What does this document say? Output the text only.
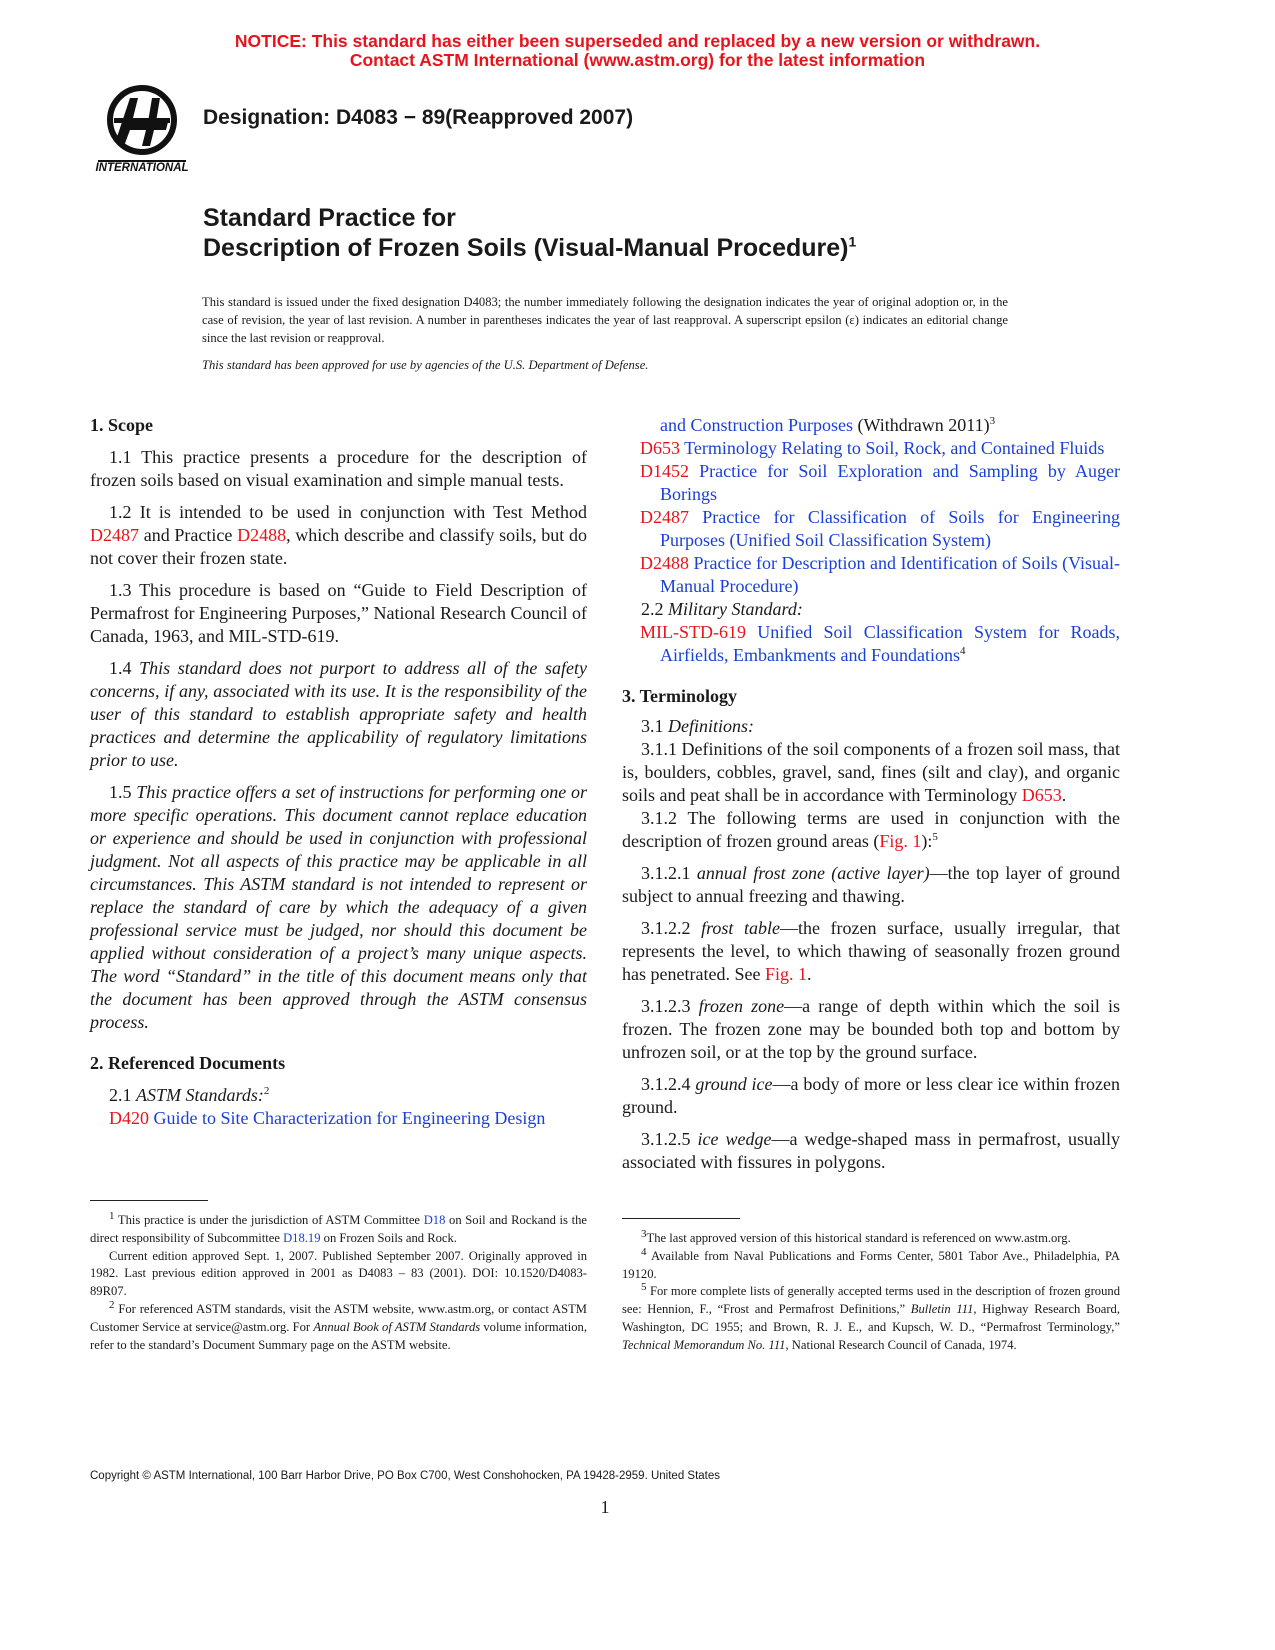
NOTICE: This standard has either been superseded and replaced by a new version or withdrawn.
Contact ASTM International (www.astm.org) for the latest information
INTERNATIONAL
Designation: D4083 − 89(Reapproved 2007)
Standard Practice for
Description of Frozen Soils (Visual-Manual Procedure)$^1$
This standard is issued under the fixed designation D4083; the number immediately following the designation indicates the year of original adoption or, in the case of revision, the year of last revision. A number in parentheses indicates the year of last reapproval. A superscript epsilon (ε) indicates an editorial change since the last revision or reapproval.
This standard has been approved for use by agencies of the U.S. Department of Defense.

1. Scope

1.1 This practice presents a procedure for the description of frozen soils based on visual examination and simple manual tests.

1.2 It is intended to be used in conjunction with Test Method D2487 and Practice D2488, which describe and classify soils, but do not cover their frozen state.

1.3 This procedure is based on “Guide to Field Description of Permafrost for Engineering Purposes,” National Research Council of Canada, 1963, and MIL-STD-619.

1.4 This standard does not purport to address all of the safety concerns, if any, associated with its use. It is the responsibility of the user of this standard to establish appropriate safety and health practices and determine the applicability of regulatory limitations prior to use.

1.5 This practice offers a set of instructions for performing one or more specific operations. This document cannot replace education or experience and should be used in conjunction with professional judgment. Not all aspects of this practice may be applicable in all circumstances. This ASTM standard is not intended to represent or replace the standard of care by which the adequacy of a given professional service must be judged, nor should this document be applied without consideration of a project’s many unique aspects. The word “Standard” in the title of this document means only that the document has been approved through the ASTM consensus process.

2. Referenced Documents

2.1 ASTM Standards:$^2$

D420 Guide to Site Characterization for Engineering Design

and Construction Purposes (Withdrawn 2011)$^3$

D653 Terminology Relating to Soil, Rock, and Contained Fluids

D1452 Practice for Soil Exploration and Sampling by Auger Borings

D2487 Practice for Classification of Soils for Engineering Purposes (Unified Soil Classification System)

D2488 Practice for Description and Identification of Soils (Visual-Manual Procedure)

2.2 Military Standard:

MIL-STD-619 Unified Soil Classification System for Roads, Airfields, Embankments and Foundations$^4$

3. Terminology

3.1 Definitions:

3.1.1 Definitions of the soil components of a frozen soil mass, that is, boulders, cobbles, gravel, sand, fines (silt and clay), and organic soils and peat shall be in accordance with Terminology D653.

3.1.2 The following terms are used in conjunction with the description of frozen ground areas (Fig. 1):$^5$

3.1.2.1 annual frost zone (active layer)—the top layer of ground subject to annual freezing and thawing.

3.1.2.2 frost table—the frozen surface, usually irregular, that represents the level, to which thawing of seasonally frozen ground has penetrated. See Fig. 1.

3.1.2.3 frozen zone—a range of depth within which the soil is frozen. The frozen zone may be bounded both top and bottom by unfrozen soil, or at the top by the ground surface.

3.1.2.4 ground ice—a body of more or less clear ice within frozen ground.

3.1.2.5 ice wedge—a wedge-shaped mass in permafrost, usually associated with fissures in polygons.

$^1$ This practice is under the jurisdiction of ASTM Committee D18 on Soil and Rockand is the direct responsibility of Subcommittee D18.19 on Frozen Soils and Rock.

Current edition approved Sept. 1, 2007. Published September 2007. Originally approved in 1982. Last previous edition approved in 2001 as D4083 – 83 (2001). DOI: 10.1520/D4083-89R07.

$^2$ For referenced ASTM standards, visit the ASTM website, www.astm.org, or contact ASTM Customer Service at service@astm.org. For Annual Book of ASTM Standards volume information, refer to the standard’s Document Summary page on the ASTM website.

$^3$The last approved version of this historical standard is referenced on www.astm.org.

$^4$ Available from Naval Publications and Forms Center, 5801 Tabor Ave., Philadelphia, PA 19120.

$^5$ For more complete lists of generally accepted terms used in the description of frozen ground see: Hennion, F., “Frost and Permafrost Definitions,” Bulletin 111, Highway Research Board, Washington, DC 1955; and Brown, R. J. E., and Kupsch, W. D., “Permafrost Terminology,” Technical Memorandum No. 111, National Research Council of Canada, 1974.

Copyright © ASTM International, 100 Barr Harbor Drive, PO Box C700, West Conshohocken, PA 19428-2959. United States
1
